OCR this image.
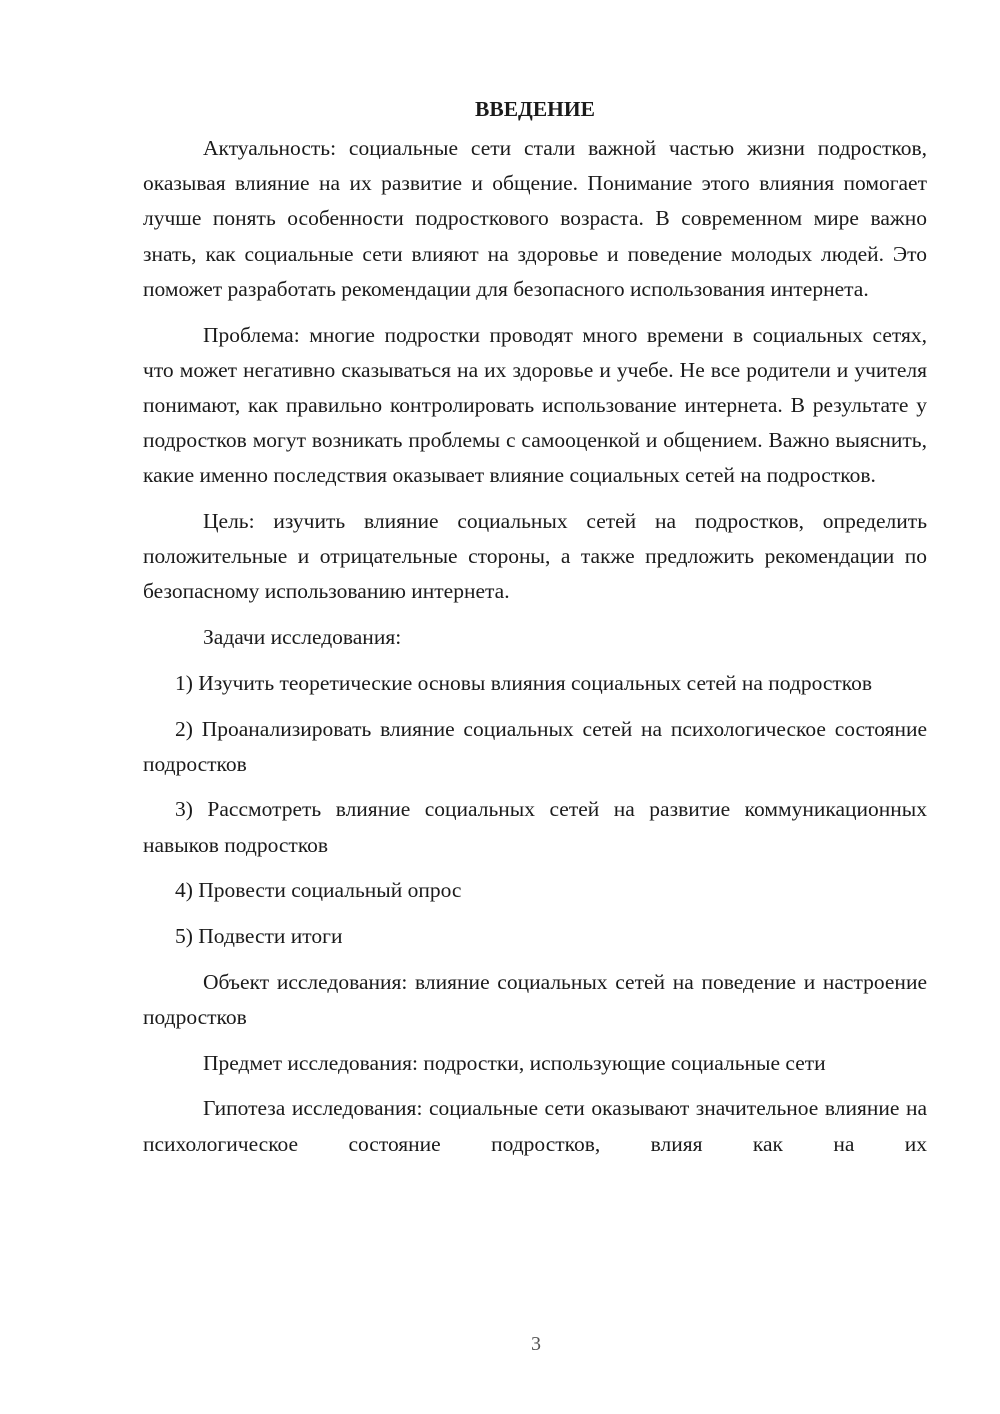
ВВЕДЕНИЕ

Актуальность: социальные сети стали важной частью жизни подростков, оказывая влияние на их развитие и общение. Понимание этого влияния помогает лучше понять особенности подросткового возраста. В современном мире важно знать, как социальные сети влияют на здоровье и поведение молодых людей. Это поможет разработать рекомендации для безопасного использования интернета.

Проблема: многие подростки проводят много времени в социальных сетях, что может негативно сказываться на их здоровье и учебе. Не все родители и учителя понимают, как правильно контролировать использование интернета. В результате у подростков могут возникать проблемы с самооценкой и общением. Важно выяснить, какие именно последствия оказывает влияние социальных сетей на подростков.

Цель: изучить влияние социальных сетей на подростков, определить положительные и отрицательные стороны, а также предложить рекомендации по безопасному использованию интернета.

Задачи исследования:

1) Изучить теоретические основы влияния социальных сетей на подростков

2) Проанализировать влияние социальных сетей на психологическое состояние подростков

3) Рассмотреть влияние социальных сетей на развитие коммуникационных навыков подростков

4) Провести социальный опрос

5) Подвести итоги

Объект исследования: влияние социальных сетей на поведение и настроение подростков

Предмет исследования: подростки, использующие социальные сети

Гипотеза исследования: социальные сети оказывают значительное влияние на психологическое состояние подростков, влияя как на их

3
